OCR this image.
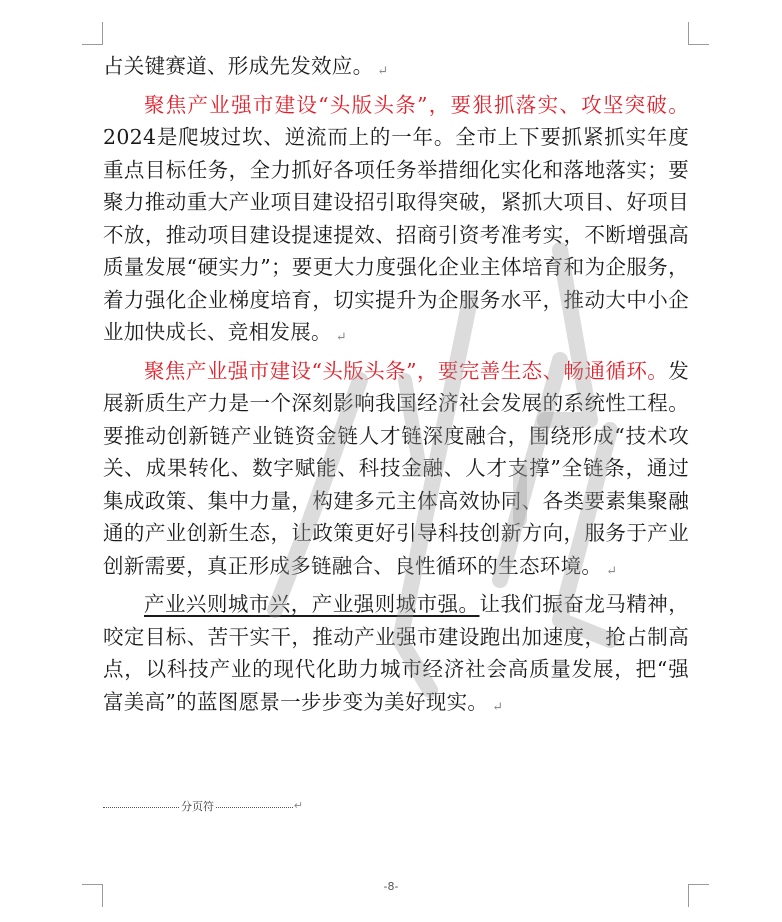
占关键赛道、形成先发效应。 ↵

聚焦产业强市建设“头版头条”，要狠抓落实、攻坚突破。2024是爬坡过坎、逆流而上的一年。全市上下要抓紧抓实年度重点目标任务，全力抓好各项任务举措细化实化和落地落实；要聚力推动重大产业项目建设招引取得突破，紧抓大项目、好项目不放，推动项目建设提速提效、招商引资考准考实，不断增强高质量发展“硬实力”；要更大力度强化企业主体培育和为企服务，着力强化企业梯度培育，切实提升为企服务水平，推动大中小企业加快成长、竞相发展。 ↵

聚焦产业强市建设“头版头条”，要完善生态、畅通循环。发展新质生产力是一个深刻影响我国经济社会发展的系统性工程。要推动创新链产业链资金链人才链深度融合，围绕形成“技术攻关、成果转化、数字赋能、科技金融、人才支撑”全链条，通过集成政策、集中力量，构建多元主体高效协同、各类要素集聚融通的产业创新生态，让政策更好引导科技创新方向，服务于产业创新需要，真正形成多链融合、良性循环的生态环境。 ↵

产业兴则城市兴，产业强则城市强。让我们振奋龙马精神，咬定目标、苦干实干，推动产业强市建设跑出加速度，抢占制高点，以科技产业的现代化助力城市经济社会高质量发展，把“强富美高”的蓝图愿景一步步变为美好现实。 ↵

分页符	↵
-8-
